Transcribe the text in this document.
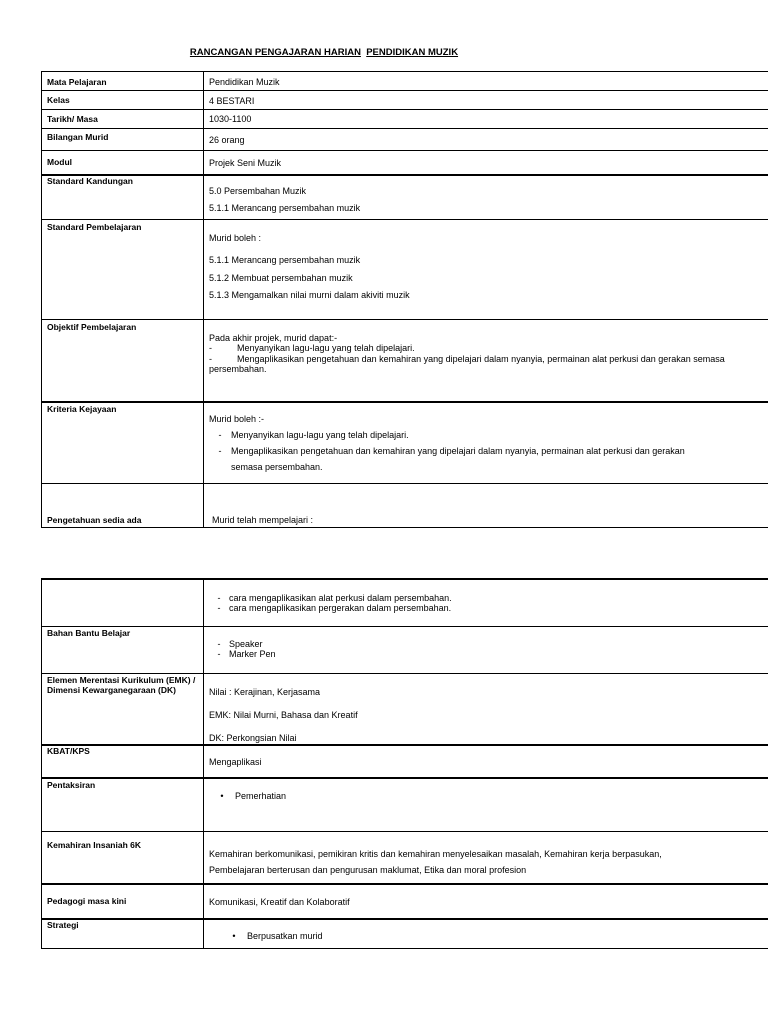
RANCANGAN PENGAJARAN HARIAN PENDIDIKAN MUZIK
Mata Pelajaran	Pendidikan Muzik
Kelas	4 BESTARI
Tarikh/ Masa	1030-1100
Bilangan Murid	26 orang
Modul	Projek Seni Muzik
Standard Kandungan	5.0 Persembahan Muzik
5.1.1 Merancang persembahan muzik

Standard Pembelajaran	Murid boleh :
5.1.1 Merancang persembahan muzik
5.1.2 Membuat persembahan muzik
5.1.3 Mengamalkan nilai murni dalam akiviti muzik

Objektif Pembelajaran	Pada akhir projek, murid dapat:-
- Menyanyikan lagu-lagu yang telah dipelajari.
- Mengaplikasikan pengetahuan dan kemahiran yang dipelajari dalam nyanyia, permainan alat perkusi dan gerakan semasa persembahan.

Kriteria Kejayaan	Murid boleh :-
- Menyanyikan lagu-lagu yang telah dipelajari.
- Mengaplikasikan pengetahuan dan kemahiran yang dipelajari dalam nyanyia, permainan alat perkusi dan gerakan
semasa persembahan.

Pengetahuan sedia ada	Murid telah mempelajari :

	- cara mengaplikasikan alat perkusi dalam persembahan.
- cara mengaplikasikan pergerakan dalam persembahan.

Bahan Bantu Belajar	- Speaker
- Marker Pen

Elemen Merentasi Kurikulum (EMK) / Dimensi Kewarganegaraan (DK)	Nilai : Kerajinan, Kerjasama
EMK: Nilai Murni, Bahasa dan Kreatif
DK: Perkongsian Nilai

KBAT/KPS	Mengaplikasi
Pentaksiran	• Pemerhatian

Kemahiran Insaniah 6K	Kemahiran berkomunikasi, pemikiran kritis dan kemahiran menyelesaikan masalah, Kemahiran kerja berpasukan,
Pembelajaran berterusan dan pengurusan maklumat, Etika dan moral profesion

Pedagogi masa kini	Komunikasi, Kreatif dan Kolaboratif
Strategi	• Berpusatkan murid
